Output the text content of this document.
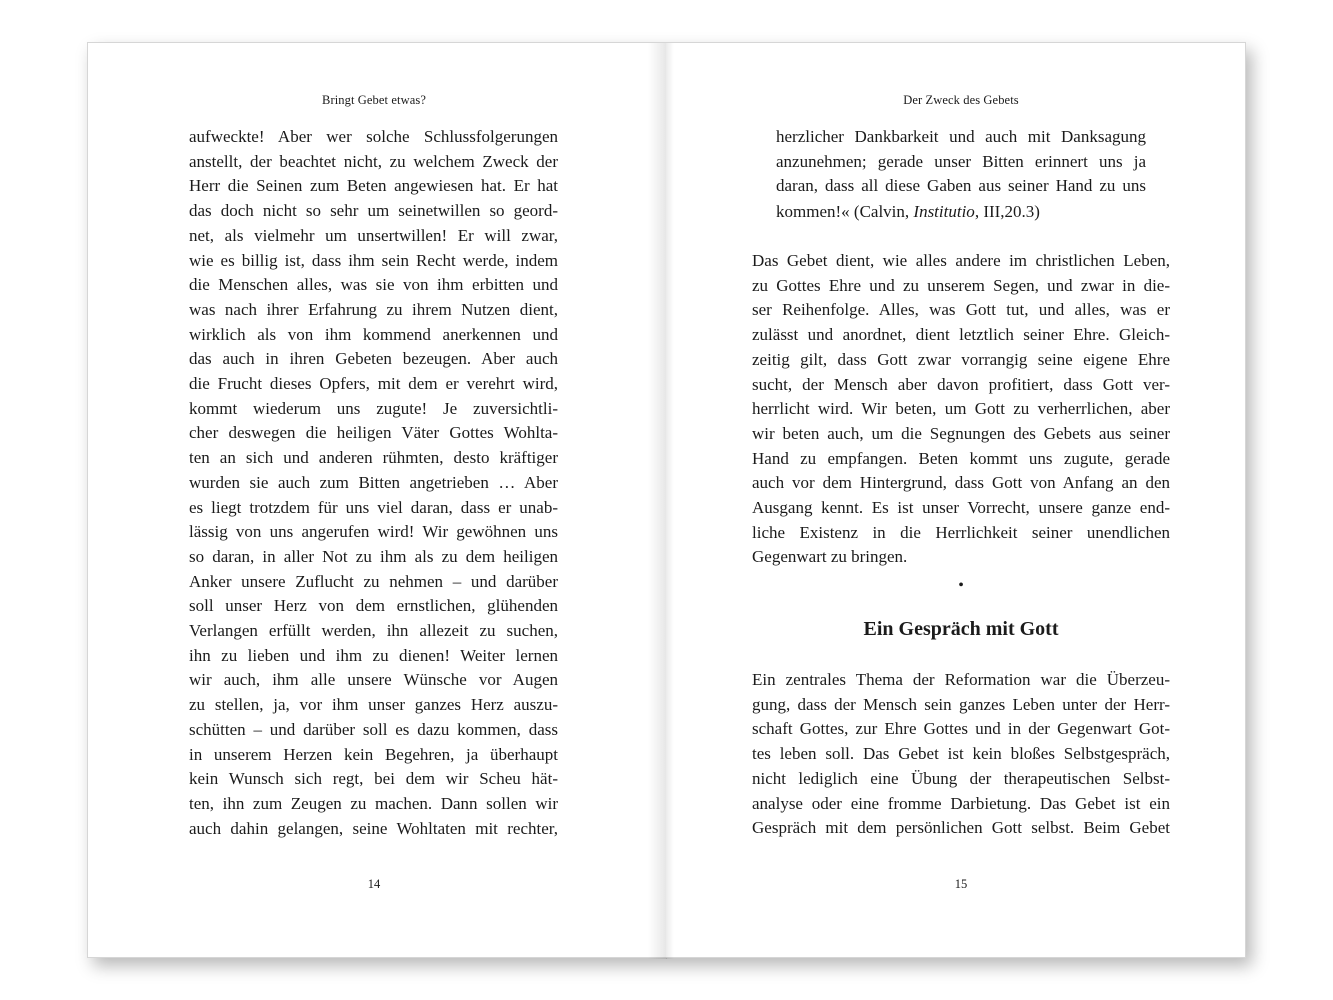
Bringt Gebet etwas?
aufweckte! Aber wer solche Schlussfolgerungen
anstellt, der beachtet nicht, zu welchem Zweck der
Herr die Seinen zum Beten angewiesen hat. Er hat
das doch nicht so sehr um seinetwillen so geord-
net, als vielmehr um unsertwillen! Er will zwar,
wie es billig ist, dass ihm sein Recht werde, indem
die Menschen alles, was sie von ihm erbitten und
was nach ihrer Erfahrung zu ihrem Nutzen dient,
wirklich als von ihm kommend anerkennen und
das auch in ihren Gebeten bezeugen. Aber auch
die Frucht dieses Opfers, mit dem er verehrt wird,
kommt wiederum uns zugute! Je zuversichtli-
cher deswegen die heiligen Väter Gottes Wohlta-
ten an sich und anderen rühmten, desto kräftiger
wurden sie auch zum Bitten angetrieben … Aber
es liegt trotzdem für uns viel daran, dass er unab-
lässig von uns angerufen wird! Wir gewöhnen uns
so daran, in aller Not zu ihm als zu dem heiligen
Anker unsere Zuflucht zu nehmen – und darüber
soll unser Herz von dem ernstlichen, glühenden
Verlangen erfüllt werden, ihn allezeit zu suchen,
ihn zu lieben und ihm zu dienen! Weiter lernen
wir auch, ihm alle unsere Wünsche vor Augen
zu stellen, ja, vor ihm unser ganzes Herz auszu-
schütten – und darüber soll es dazu kommen, dass
in unserem Herzen kein Begehren, ja überhaupt
kein Wunsch sich regt, bei dem wir Scheu hät-
ten, ihn zum Zeugen zu machen. Dann sollen wir
auch dahin gelangen, seine Wohltaten mit rechter,
14
Der Zweck des Gebets
herzlicher Dankbarkeit und auch mit Danksagung
anzunehmen; gerade unser Bitten erinnert uns ja
daran, dass all diese Gaben aus seiner Hand zu uns
kommen!« (Calvin, Institutio, III,20.3)
Das Gebet dient, wie alles andere im christlichen Leben,
zu Gottes Ehre und zu unserem Segen, und zwar in die-
ser Reihenfolge. Alles, was Gott tut, und alles, was er
zulässt und anordnet, dient letztlich seiner Ehre. Gleich-
zeitig gilt, dass Gott zwar vorrangig seine eigene Ehre
sucht, der Mensch aber davon profitiert, dass Gott ver-
herrlicht wird. Wir beten, um Gott zu verherrlichen, aber
wir beten auch, um die Segnungen des Gebets aus seiner
Hand zu empfangen. Beten kommt uns zugute, gerade
auch vor dem Hintergrund, dass Gott von Anfang an den
Ausgang kennt. Es ist unser Vorrecht, unsere ganze end-
liche Existenz in die Herrlichkeit seiner unendlichen
Gegenwart zu bringen.
•
Ein Gespräch mit Gott
Ein zentrales Thema der Reformation war die Überzeu-
gung, dass der Mensch sein ganzes Leben unter der Herr-
schaft Gottes, zur Ehre Gottes und in der Gegenwart Got-
tes leben soll. Das Gebet ist kein bloßes Selbstgespräch,
nicht lediglich eine Übung der therapeutischen Selbst-
analyse oder eine fromme Darbietung. Das Gebet ist ein
Gespräch mit dem persönlichen Gott selbst. Beim Gebet
15
